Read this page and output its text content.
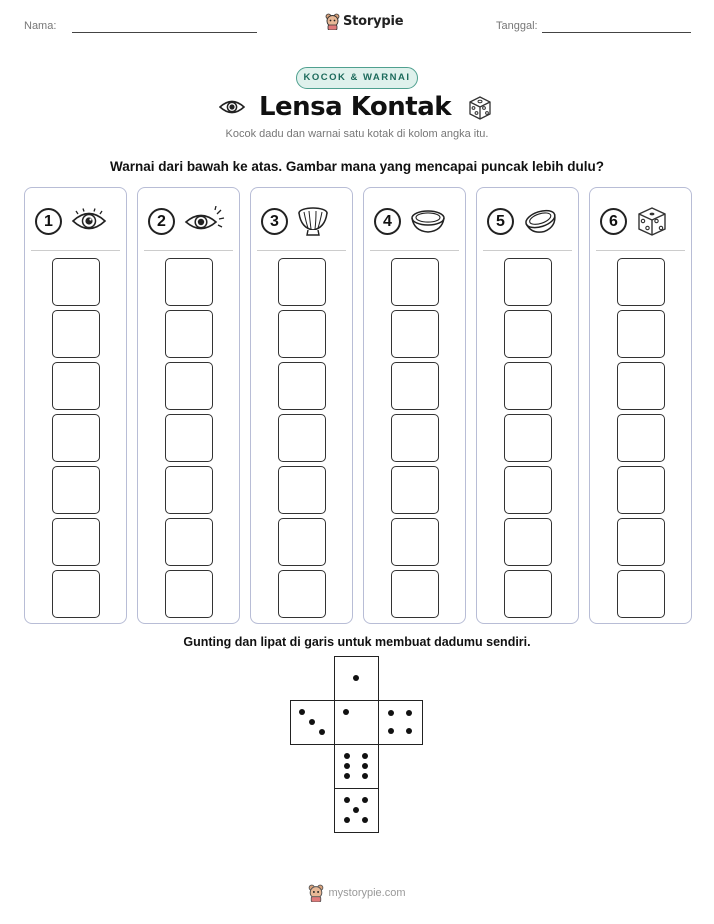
Nama:	Storypie	Tanggal:
KOCOK & WARNAI
Lensa Kontak
Kocok dadu dan warnai satu kotak di kolom angka itu.
Warnai dari bawah ke atas. Gambar mana yang mencapai puncak lebih dulu?
1	2	3	4	5	6
Gunting dan lipat di garis untuk membuat dadumu sendiri.
mystorypie.com
